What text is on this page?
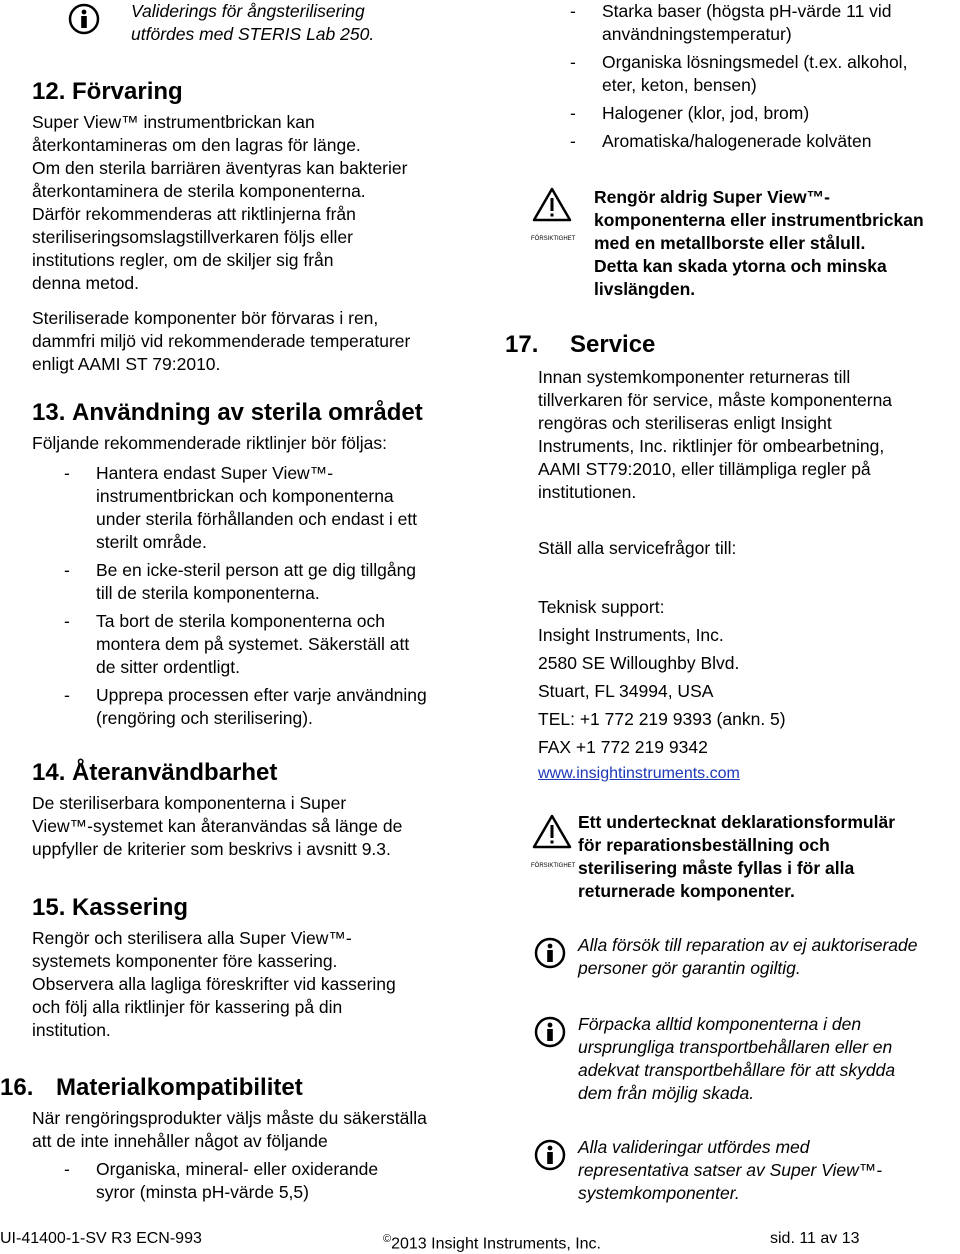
Validerings för ångsterilisering
utfördes med STERIS Lab 250.
12. Förvaring
Super View™ instrumentbrickan kan
återkontamineras om den lagras för länge.
Om den sterila barriären äventyras kan bakterier
återkontaminera de sterila komponenterna.
Därför rekommenderas att riktlinjerna från
steriliseringsomslagstillverkaren följs eller
institutions regler, om de skiljer sig från
denna metod.
Steriliserade komponenter bör förvaras i ren,
dammfri miljö vid rekommenderade temperaturer
enligt AAMI ST 79:2010.
13. Användning av sterila området
Följande rekommenderade riktlinjer bör följas:
- Hantera endast Super View™-
instrumentbrickan och komponenterna
under sterila förhållanden och endast i ett
sterilt område.
- Be en icke-steril person att ge dig tillgång
till de sterila komponenterna.
- Ta bort de sterila komponenterna och
montera dem på systemet. Säkerställ att
de sitter ordentligt.
- Upprepa processen efter varje användning
(rengöring och sterilisering).
14. Återanvändbarhet
De steriliserbara komponenterna i Super
View™-systemet kan återanvändas så länge de
uppfyller de kriterier som beskrivs i avsnitt 9.3.
15. Kassering
Rengör och sterilisera alla Super View™-
systemets komponenter före kassering.
Observera alla lagliga föreskrifter vid kassering
och följ alla riktlinjer för kassering på din
institution.
16. Materialkompatibilitet
När rengöringsprodukter väljs måste du säkerställa
att de inte innehåller något av följande
- Organiska, mineral- eller oxiderande
syror (minsta pH-värde 5,5)
- Starka baser (högsta pH-värde 11 vid
användningstemperatur)
- Organiska lösningsmedel (t.ex. alkohol,
eter, keton, bensen)
- Halogener (klor, jod, brom)
- Aromatiska/halogenerade kolväten
FÖRSIKTIGHET
Rengör aldrig Super View™-
komponenterna eller instrumentbrickan
med en metallborste eller stålull.
Detta kan skada ytorna och minska
livslängden.
17. Service
Innan systemkomponenter returneras till
tillverkaren för service, måste komponenterna
rengöras och steriliseras enligt Insight
Instruments, Inc. riktlinjer för ombearbetning,
AAMI ST79:2010, eller tillämpliga regler på
institutionen.
Ställ alla servicefrågor till:
Teknisk support:
Insight Instruments, Inc.
2580 SE Willoughby Blvd.
Stuart, FL 34994, USA
TEL: +1 772 219 9393 (ankn. 5)
FAX +1 772 219 9342
www.insightinstruments.com
FÖRSIKTIGHET
Ett undertecknat deklarationsformulär
för reparationsbeställning och
sterilisering måste fyllas i för alla
returnerade komponenter.
Alla försök till reparation av ej auktoriserade
personer gör garantin ogiltig.
Förpacka alltid komponenterna i den
ursprungliga transportbehållaren eller en
adekvat transportbehållare för att skydda
dem från möjlig skada.
Alla valideringar utfördes med
representativa satser av Super View™-
systemkomponenter.
UI-41400-1-SV R3 ECN-993	©2013 Insight Instruments, Inc.	sid. 11 av 13
